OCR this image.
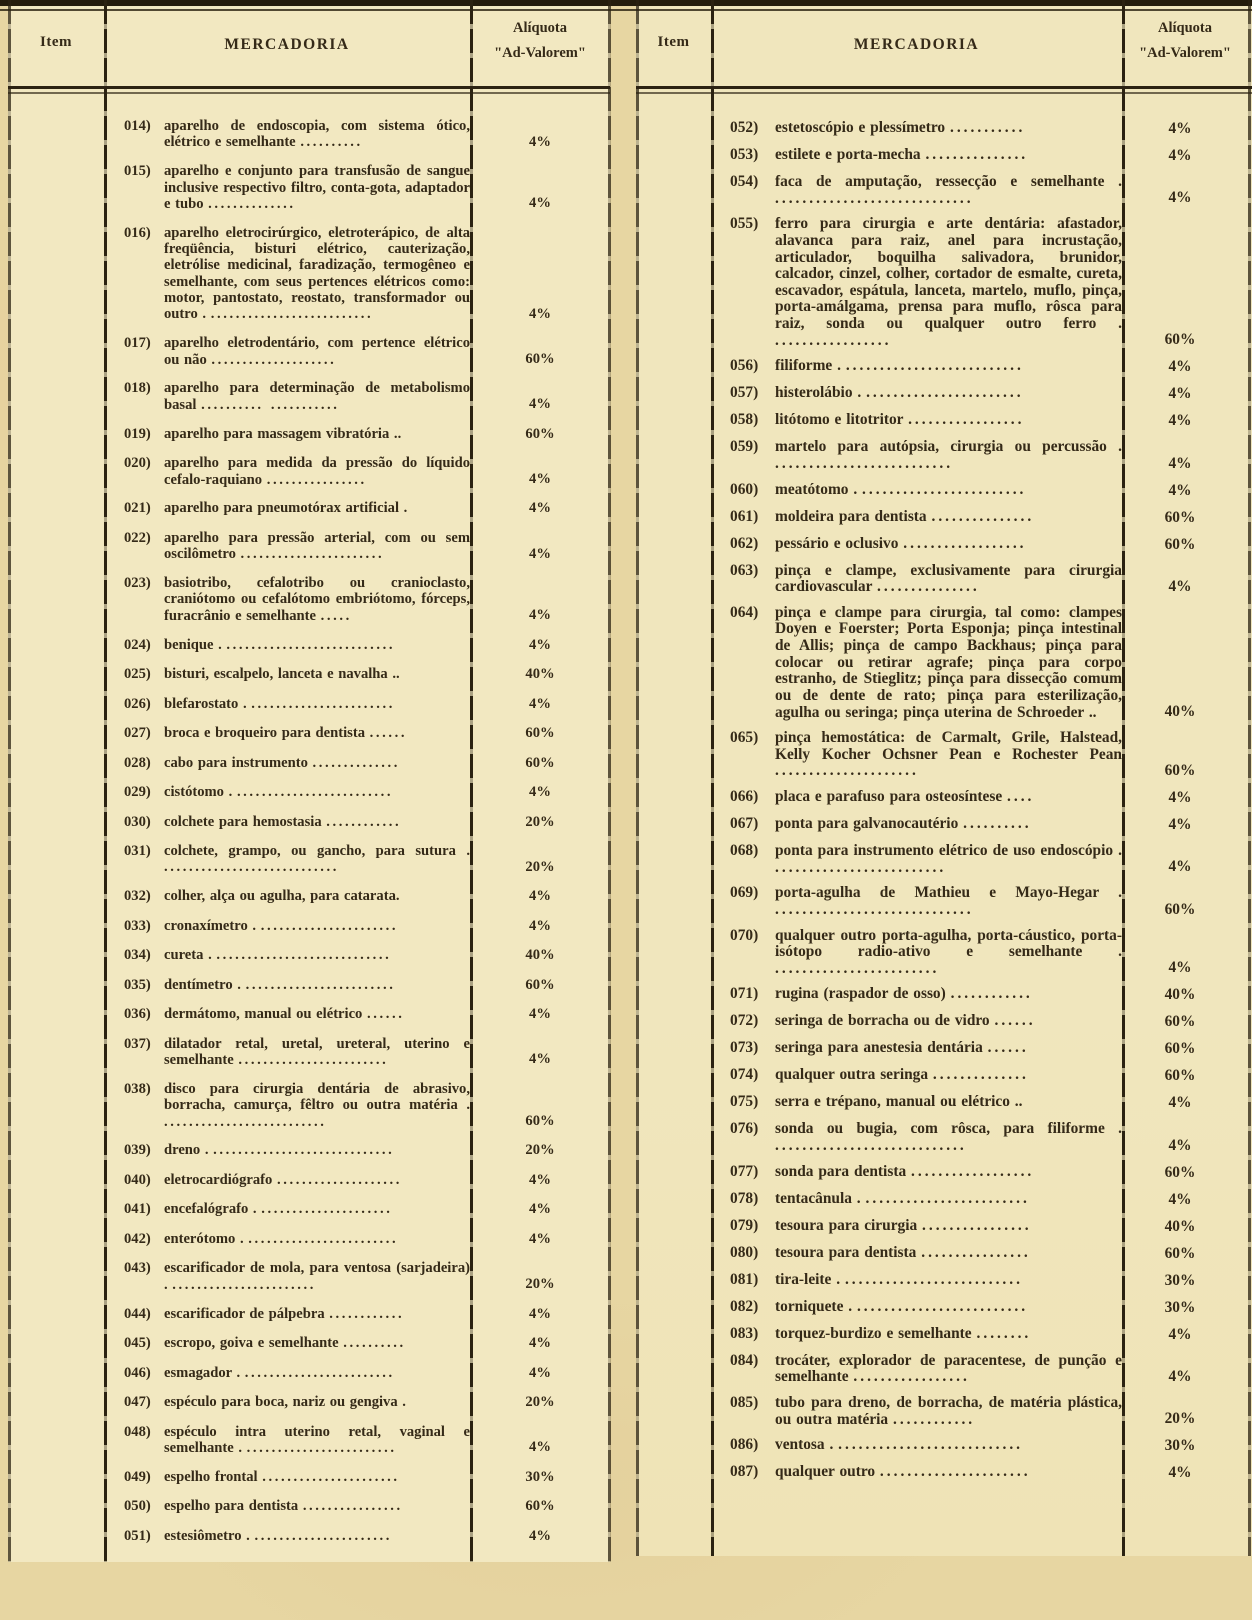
Item	MERCADORIA
Alíquota
"Ad-Valorem"
Item	MERCADORIA
Alíquota
"Ad-Valorem"
014) aparelho de endoscopia, com sistema ótico, elétrico e semelhante ..........	4%
015) aparelho e conjunto para transfusão de sangue inclusive respectivo filtro, conta-gota, adaptador e tubo ..............	4%
016) aparelho eletrocirúrgico, eletroterápico, de alta freqüência, bisturi elétrico, cauterização, eletrólise medicinal, faradização, termogêneo e semelhante, com seus pertences elétricos como: motor, pantostato, reostato, transformador ou outro . ..........................	4%
017) aparelho eletrodentário, com pertence elétrico ou não ....................	60%
018) aparelho para determinação de metabolismo basal .......... ...........	4%
019) aparelho para massagem vibratória ..	60%
020) aparelho para medida da pressão do líquido cefalo-raquiano ................	4%
021) aparelho para pneumotórax artificial .	4%
022) aparelho para pressão arterial, com ou sem oscilômetro .......................	4%
023) basiotribo, cefalotribo ou cranioclasto, craniótomo ou cefalótomo embriótomo, fórceps, furacrânio e semelhante .....	4%
024) benique . ...........................	4%
025) bisturi, escalpelo, lanceta e navalha ..	40%
026) blefarostato . .......................	4%
027) broca e broqueiro para dentista ......	60%
028) cabo para instrumento ..............	60%
029) cistótomo . .........................	4%
030) colchete para hemostasia ............	20%
031) colchete, grampo, ou gancho, para sutura . ............................	20%
032) colher, alça ou agulha, para catarata.	4%
033) cronaxímetro . ......................	4%
034) cureta . ............................	40%
035) dentímetro . ........................	60%
036) dermátomo, manual ou elétrico ......	4%
037) dilatador retal, uretal, ureteral, uterino e semelhante ........................	4%
038) disco para cirurgia dentária de abrasivo, borracha, camurça, fêltro ou outra matéria . ..........................	60%
039) dreno . .............................	20%
040) eletrocardiógrafo ....................	4%
041) encefalógrafo . .....................	4%
042) enterótomo . ........................	4%
043) escarificador de mola, para ventosa (sarjadeira) . .......................	20%
044) escarificador de pálpebra ............	4%
045) escropo, goiva e semelhante ..........	4%
046) esmagador . ........................	4%
047) espéculo para boca, nariz ou gengiva .	20%
048) espéculo intra uterino retal, vaginal e semelhante . ........................	4%
049) espelho frontal ......................	30%
050) espelho para dentista ................	60%
051) estesiômetro . ......................	4%
052)	estetoscópio e plessímetro ...........	4%
053)	estilete e porta-mecha ...............	4%
054)	faca de amputação, ressecção e semelhante . .............................	4%
055)	ferro para cirurgia e arte dentária: afastador, alavanca para raiz, anel para incrustação, articulador, boquilha salivadora, brunidor, calcador, cinzel, colher, cortador de esmalte, cureta, escavador, espátula, lanceta, martelo, muflo, pinça, porta-amálgama, prensa para muflo, rôsca para raiz, sonda ou qualquer outro ferro . .................	60%
056)	filiforme . ..........................	4%
057)	histerolábio . .......................	4%
058)	litótomo e litotritor .................	4%
059)	martelo para autópsia, cirurgia ou percussão . ..........................	4%
060)	meatótomo . ........................	4%
061)	moldeira para dentista ...............	60%
062)	pessário e oclusivo ..................	60%
063)	pinça e clampe, exclusivamente para cirurgia cardiovascular ...............	4%
064)	pinça e clampe para cirurgia, tal como: clampes Doyen e Foerster; Porta Esponja; pinça intestinal de Allis; pinça de campo Backhaus; pinça para colocar ou retirar agrafe; pinça para corpo estranho, de Stieglitz; pinça para dissecção comum ou de dente de rato; pinça para esterilização, agulha ou seringa; pinça uterina de Schroeder ..	40%
065)	pinça hemostática: de Carmalt, Grile, Halstead, Kelly Kocher Ochsner Pean e Rochester Pean .....................	60%
066)	placa e parafuso para osteosíntese ....	4%
067)	ponta para galvanocautério ..........	4%
068)	ponta para instrumento elétrico de uso endoscópio . .........................	4%
069)	porta-agulha de Mathieu e Mayo-Hegar . .............................	60%
070)	qualquer outro porta-agulha, porta-cáustico, porta-isótopo radio-ativo e semelhante . ........................	4%
071)	rugina (raspador de osso) ............	40%
072)	seringa de borracha ou de vidro ......	60%
073)	seringa para anestesia dentária ......	60%
074)	qualquer outra seringa ..............	60%
075)	serra e trépano, manual ou elétrico ..	4%
076)	sonda ou bugia, com rôsca, para filiforme . ............................	4%
077)	sonda para dentista ..................	60%
078)	tentacânula . ........................	4%
079)	tesoura para cirurgia ................	40%
080)	tesoura para dentista ................	60%
081)	tira-leite . ..........................	30%
082)	torniquete . .........................	30%
083)	torquez-burdizo e semelhante ........	4%
084)	trocáter, explorador de paracentese, de punção e semelhante .................	4%
085)	tubo para dreno, de borracha, de matéria plástica, ou outra matéria ............	20%
086)	ventosa . ...........................	30%
087)	qualquer outro ......................	4%
